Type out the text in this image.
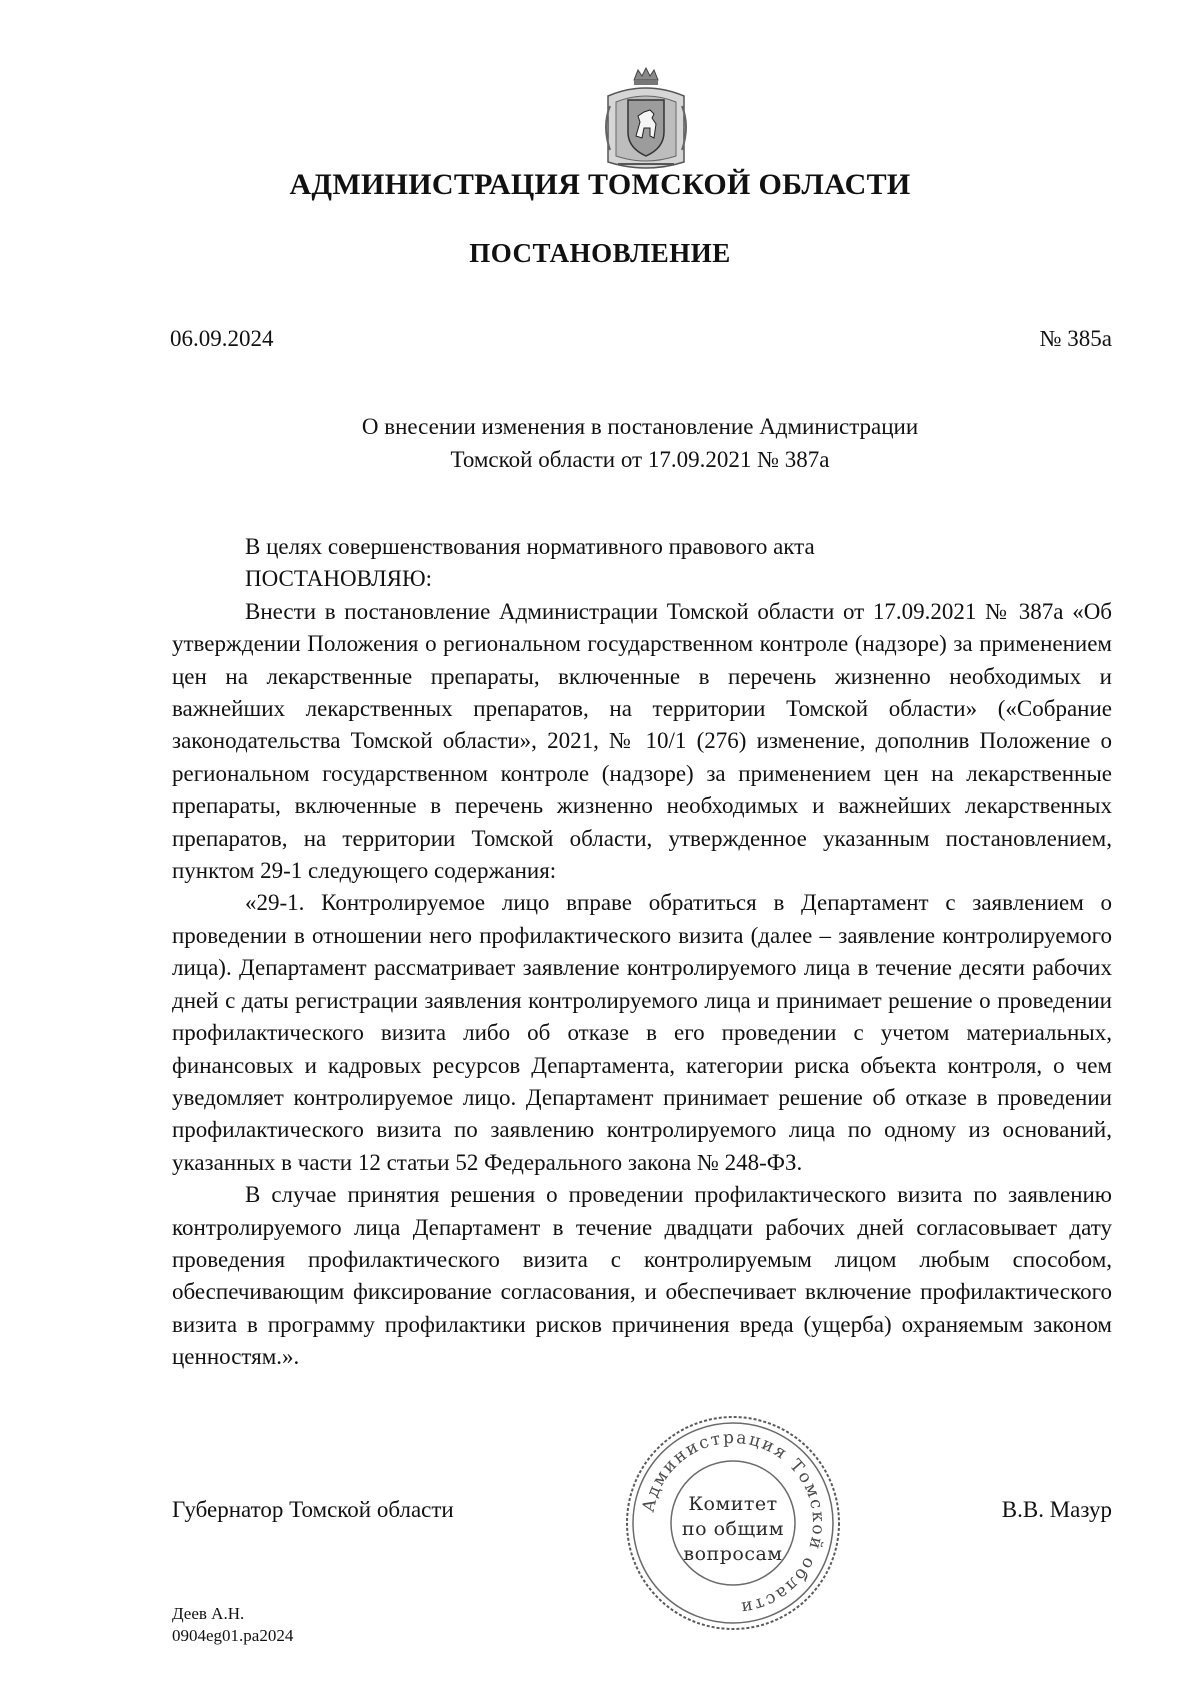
АДМИНИСТРАЦИЯ ТОМСКОЙ ОБЛАСТИ
ПОСТАНОВЛЕНИЕ
06.09.2024	№ 385а
О внесении изменения в постановление Администрации
Томской области от 17.09.2021 № 387а

В целях совершенствования нормативного правового акта

ПОСТАНОВЛЯЮ:

Внести в постановление Администрации Томской области от 17.09.2021 № 387а «Об утверждении Положения о региональном государственном контроле (надзоре) за применением цен на лекарственные препараты, включенные в перечень жизненно необходимых и важнейших лекарственных препаратов, на территории Томской области» («Собрание законодательства Томской области», 2021, № 10/1 (276) изменение, дополнив Положение о региональном государственном контроле (надзоре) за применением цен на лекарственные препараты, включенные в перечень жизненно необходимых и важнейших лекарственных препаратов, на территории Томской области, утвержденное указанным постановлением, пунктом 29-1 следующего содержания:

«29-1. Контролируемое лицо вправе обратиться в Департамент с заявлением о проведении в отношении него профилактического визита (далее – заявление контролируемого лица). Департамент рассматривает заявление контролируемого лица в течение десяти рабочих дней с даты регистрации заявления контролируемого лица и принимает решение о проведении профилактического визита либо об отказе в его проведении с учетом материальных, финансовых и кадровых ресурсов Департамента, категории риска объекта контроля, о чем уведомляет контролируемое лицо. Департамент принимает решение об отказе в проведении профилактического визита по заявлению контролируемого лица по одному из оснований, указанных в части 12 статьи 52 Федерального закона № 248-ФЗ.

В случае принятия решения о проведении профилактического визита по заявлению контролируемого лица Департамент в течение двадцати рабочих дней согласовывает дату проведения профилактического визита с контролируемым лицом любым способом, обеспечивающим фиксирование согласования, и обеспечивает включение профилактического визита в программу профилактики рисков причинения вреда (ущерба) охраняемым законом ценностям.».

Губернатор Томской области	Администрация Томской области
Комитет
по общим
вопросам
В.В. Мазур
Деев А.Н.
0904eg01.pa2024
